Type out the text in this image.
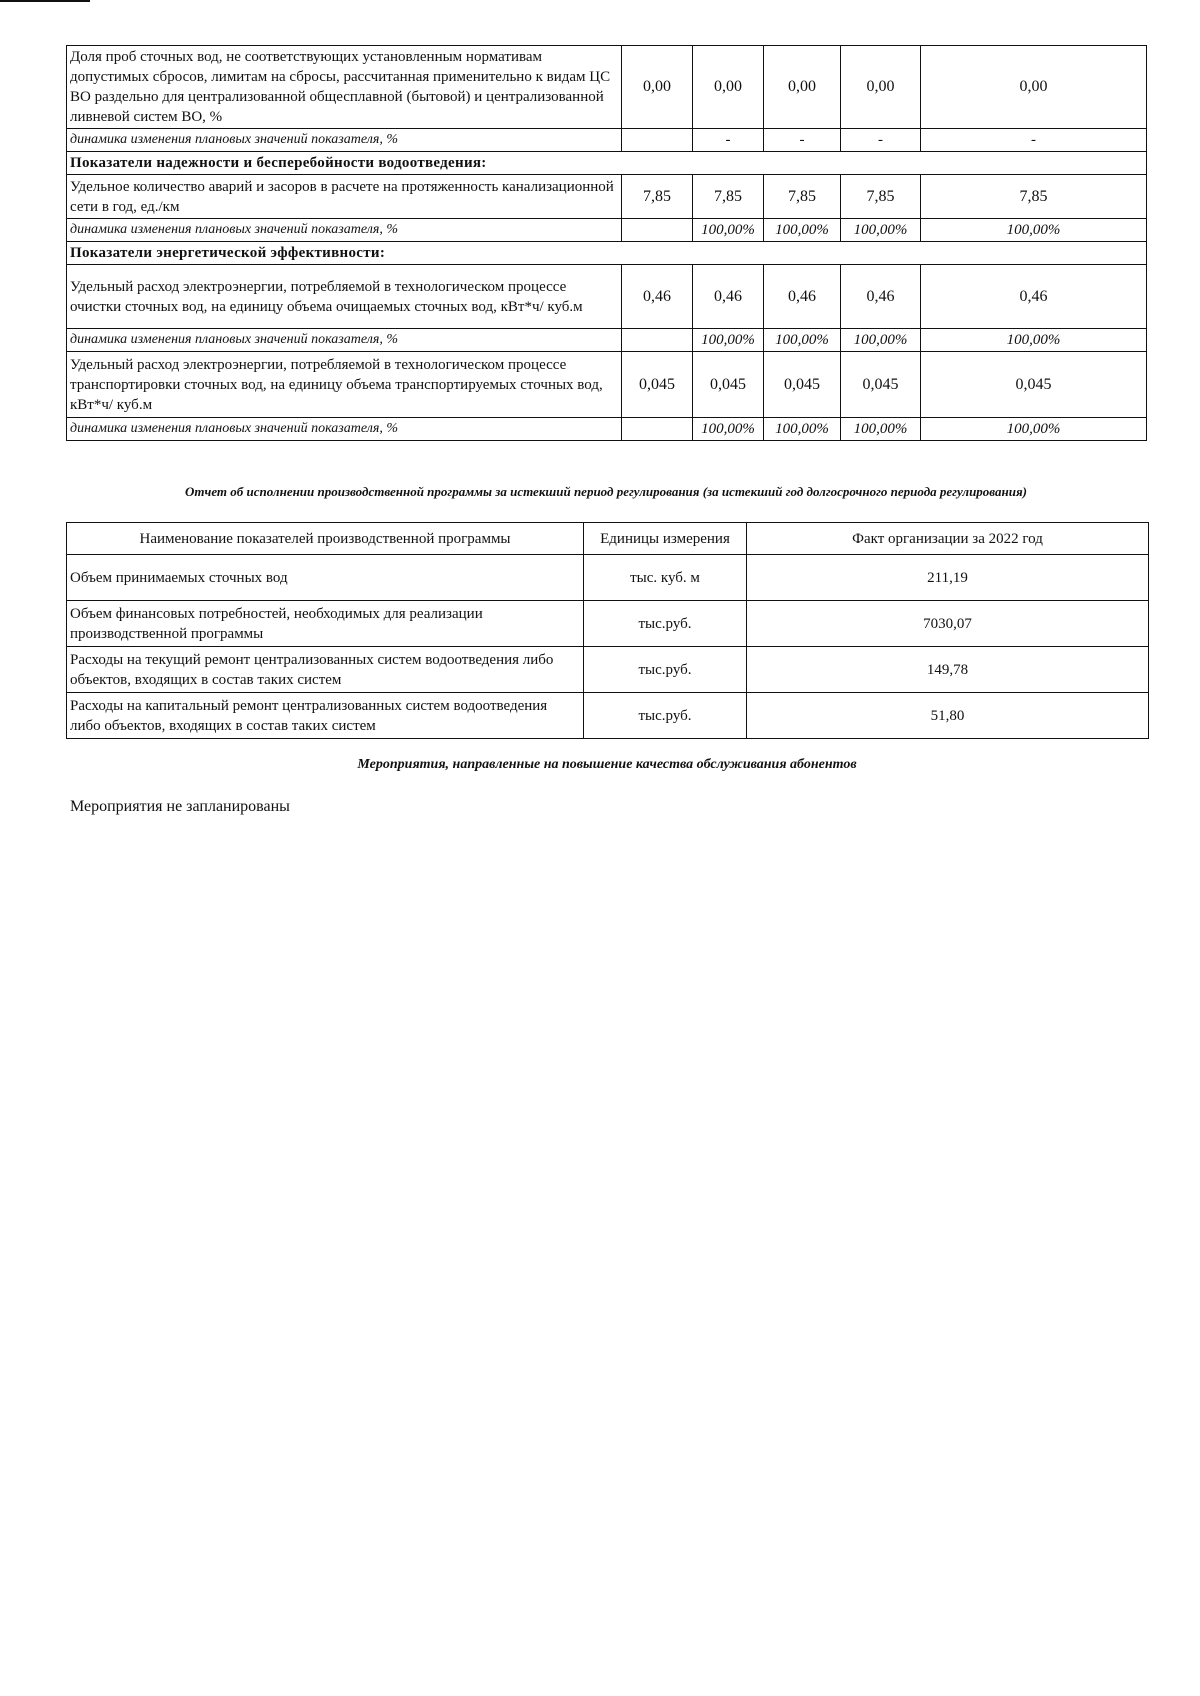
Доля проб сточных вод, не соответствующих установленным нормативам допустимых сбросов, лимитам на сбросы, рассчитанная применительно к видам ЦС ВО раздельно для централизованной общесплавной (бытовой) и централизованной ливневой систем ВО, %	0,00	0,00	0,00	0,00	0,00
динамика изменения плановых значений показателя, %		-	-	-	-
Показатели надежности и бесперебойности водоотведения:					
Удельное количество аварий и засоров в расчете на протяженность канализационной сети в год, ед./км	7,85	7,85	7,85	7,85	7,85
динамика изменения плановых значений показателя, %		100,00%	100,00%	100,00%	100,00%
Показатели энергетической эффективности:					
Удельный расход электроэнергии, потребляемой в технологическом процессе очистки сточных вод, на единицу объема очищаемых сточных вод, кВт*ч/ куб.м	0,46	0,46	0,46	0,46	0,46
динамика изменения плановых значений показателя, %		100,00%	100,00%	100,00%	100,00%
Удельный расход электроэнергии, потребляемой в технологическом процессе транспортировки сточных вод, на единицу объема транспортируемых сточных вод, кВт*ч/ куб.м	0,045	0,045	0,045	0,045	0,045
динамика изменения плановых значений показателя, %		100,00%	100,00%	100,00%	100,00%
Отчет об исполнении производственной программы за истекший период регулирования (за истекший год долгосрочного периода регулирования)
Наименование показателей производственной программы	Единицы измерения	Факт организации за 2022 год
Объем принимаемых сточных вод	тыс. куб. м	211,19
Объем финансовых потребностей, необходимых для реализации производственной программы	тыс.руб.	7030,07
Расходы на текущий ремонт централизованных систем водоотведения либо объектов, входящих в состав таких систем	тыс.руб.	149,78
Расходы на капитальный ремонт централизованных систем водоотведения либо объектов, входящих в состав таких систем	тыс.руб.	51,80
Мероприятия, направленные на повышение качества обслуживания абонентов
Мероприятия не запланированы
